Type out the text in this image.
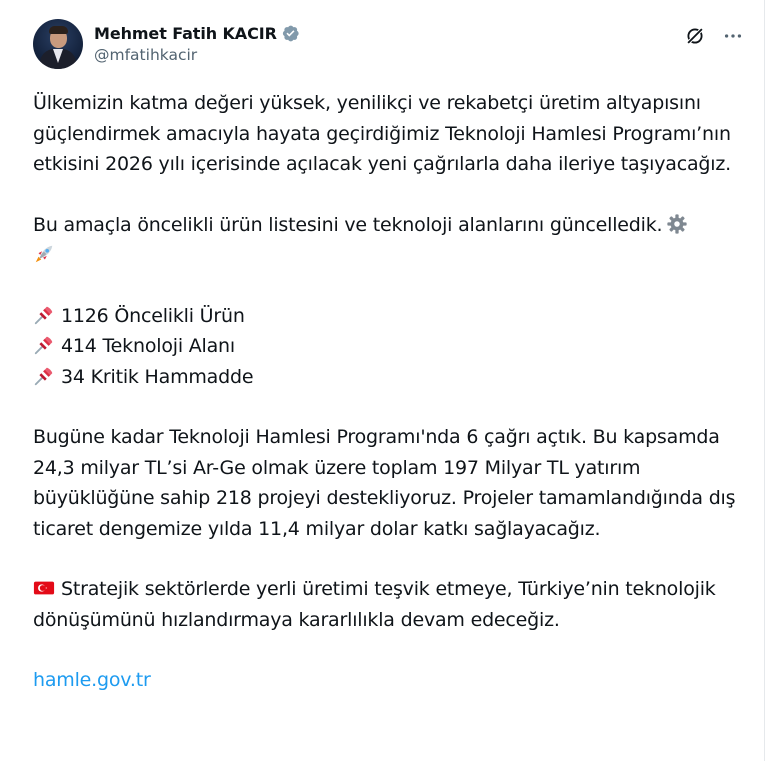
Mehmet Fatih KACIR
@mfatihkacir

Ülkemizin katma değeri yüksek, yenilikçi ve rekabetçi üretim altyapısını güçlendirmek amacıyla hayata geçirdiğimiz Teknoloji Hamlesi Programı’nın etkisini 2026 yılı içerisinde açılacak yeni çağrılarla daha ileriye taşıyacağız.

Bu amaçla öncelikli ürün listesini ve teknoloji alanlarını güncelledik.

1126 Öncelikli Ürün
414 Teknoloji Alanı
34 Kritik Hammadde

Bugüne kadar Teknoloji Hamlesi Programı'nda 6 çağrı açtık. Bu kapsamda 24,3 milyar TL’si Ar-Ge olmak üzere toplam 197 Milyar TL yatırım büyüklüğüne sahip 218 projeyi destekliyoruz. Projeler tamamlandığında dış ticaret dengemize yılda 11,4 milyar dolar katkı sağlayacağız.

Stratejik sektörlerde yerli üretimi teşvik etmeye, Türkiye’nin teknolojik dönüşümünü hızlandırmaya kararlılıkla devam edeceğiz.

hamle.gov.tr
